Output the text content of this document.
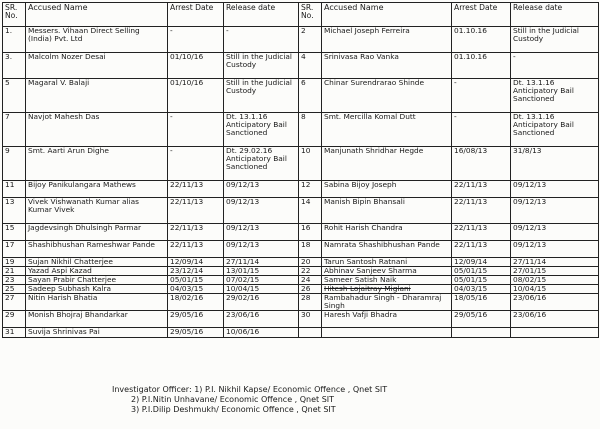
SR. No.	Accused Name	Arrest Date	Release date	SR. No.	Accused Name	Arrest Date	Release date
1.	Messers. Vihaan Direct Selling (India) Pvt. Ltd	-	-	2	Michael Joseph Ferreira	01.10.16	Still in the Judicial Custody
3.	Malcolm Nozer Desai	01/10/16	Still in the Judicial Custody	4	Srinivasa Rao Vanka	01.10.16	-
5	Magaral V. Balaji	01/10/16	Still in the Judicial Custody	6	Chinar Surendrarao Shinde	-	Dt. 13.1.16 Anticipatory Bail Sanctioned
7	Navjot Mahesh Das	-	Dt. 13.1.16 Anticipatory Bail Sanctioned	8	Smt. Mercilla Komal Dutt	-	Dt. 13.1.16 Anticipatory Bail Sanctioned
9	Smt. Aarti Arun Dighe	-	Dt. 29.02.16 Anticipatory Bail Sanctioned	10	Manjunath Shridhar Hegde	16/08/13	31/8/13
11	Bijoy Panikulangara Mathews	22/11/13	09/12/13	12	Sabina Bijoy Joseph	22/11/13	09/12/13
13	Vivek Vishwanath Kumar alias Kumar Vivek	22/11/13	09/12/13	14	Manish Bipin Bhansali	22/11/13	09/12/13
15	Jagdevsingh Dhulsingh Parmar	22/11/13	09/12/13	16	Rohit Harish Chandra	22/11/13	09/12/13
17	Shashibhushan Rameshwar Pande	22/11/13	09/12/13	18	Namrata Shashibhushan Pande	22/11/13	09/12/13
19	Sujan Nikhil Chatterjee	12/09/14	27/11/14	20	Tarun Santosh Ratnani	12/09/14	27/11/14
21	Yazad Aspi Kazad	23/12/14	13/01/15	22	Abhinav Sanjeev Sharma	05/01/15	27/01/15
23	Sayan Prabir Chatterjee	05/01/15	07/02/15	24	Sameer Satish Naik	05/01/15	08/02/15
25	Sadeep Subhash Kalra	04/03/15	10/04/15	26	Hitesh Lojaitray Miglani	04/03/15	10/04/15
27	Nitin Harish Bhatia	18/02/16	29/02/16	28	Rambahadur Singh - Dharamraj Singh	18/05/16	23/06/16
29	Monish Bhojraj Bhandarkar	29/05/16	23/06/16	30	Haresh Vafji Bhadra	29/05/16	23/06/16
31	Suvija Shrinivas Pai	29/05/16	10/06/16				
Investigator Officer: 1) P.I. Nikhil Kapse/ Economic Offence , Qnet SIT
2) P.I.Nitin Unhavane/ Economic Offence , Qnet SIT
3) P.I.Dilip Deshmukh/ Economic Offence , Qnet SIT
